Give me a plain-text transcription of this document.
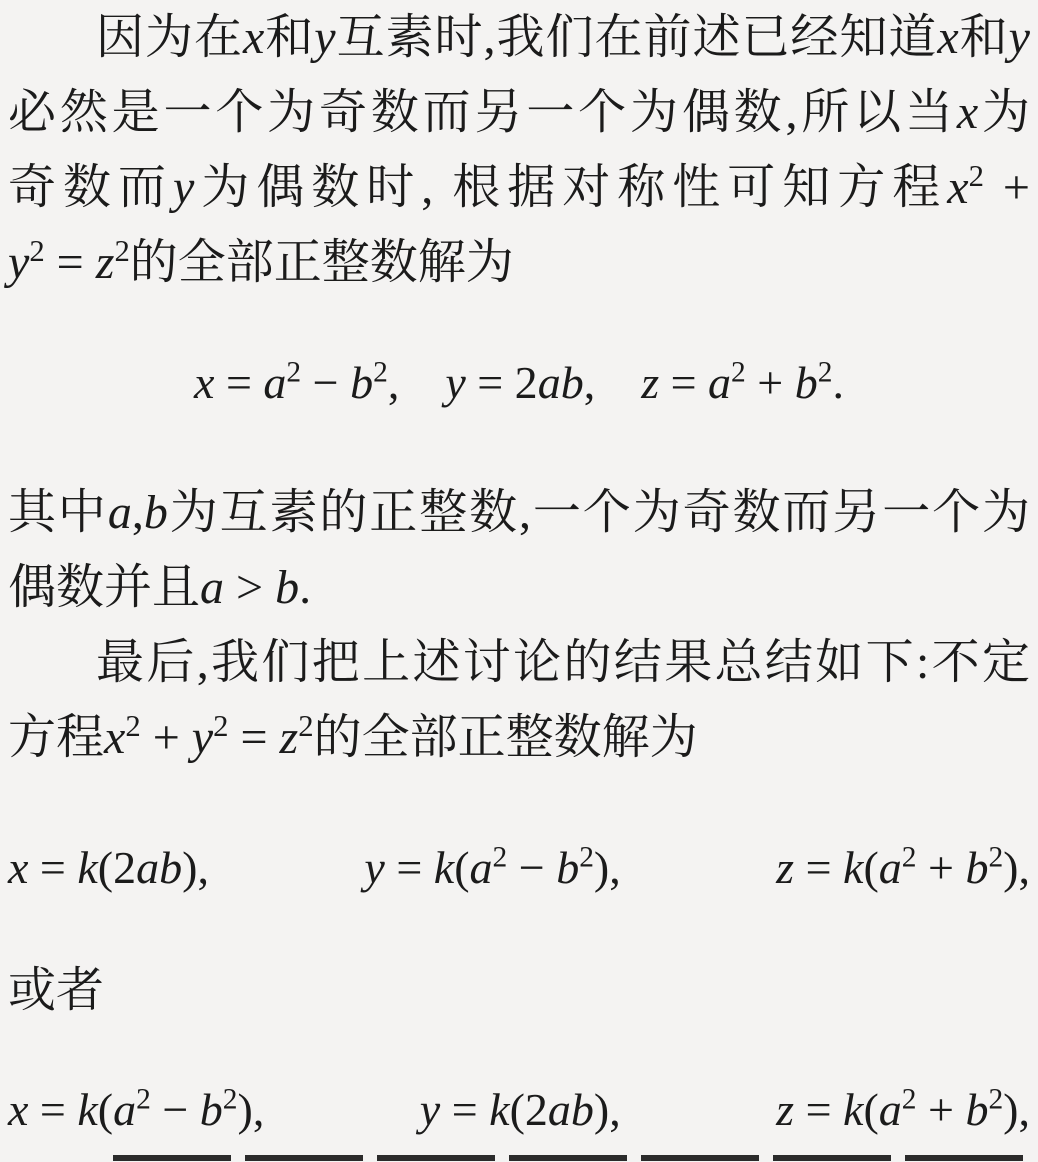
因为在x和y互素时,我们在前述已经知道x和y
必然是一个为奇数而另一个为偶数,所以当x为
奇数而y为偶数时, 根据对称性可知方程$x^2$ +
$y^2 = z^2$的全部正整数解为
$x = a^2 - b^2$, y = 2ab, $z = a^2 + b^2$.
其中a,b为互素的正整数,一个为奇数而另一个为
偶数并且a > b.
最后,我们把上述讨论的结果总结如下:不定
方程$x^2 + y^2 = z^2$的全部正整数解为
x = k(2ab),	$y = k(a^2 - b^2)$,	$z = k(a^2 + b^2)$,
或者
$x = k(a^2 - b^2)$,	y = k(2ab),	$z = k(a^2 + b^2)$,
